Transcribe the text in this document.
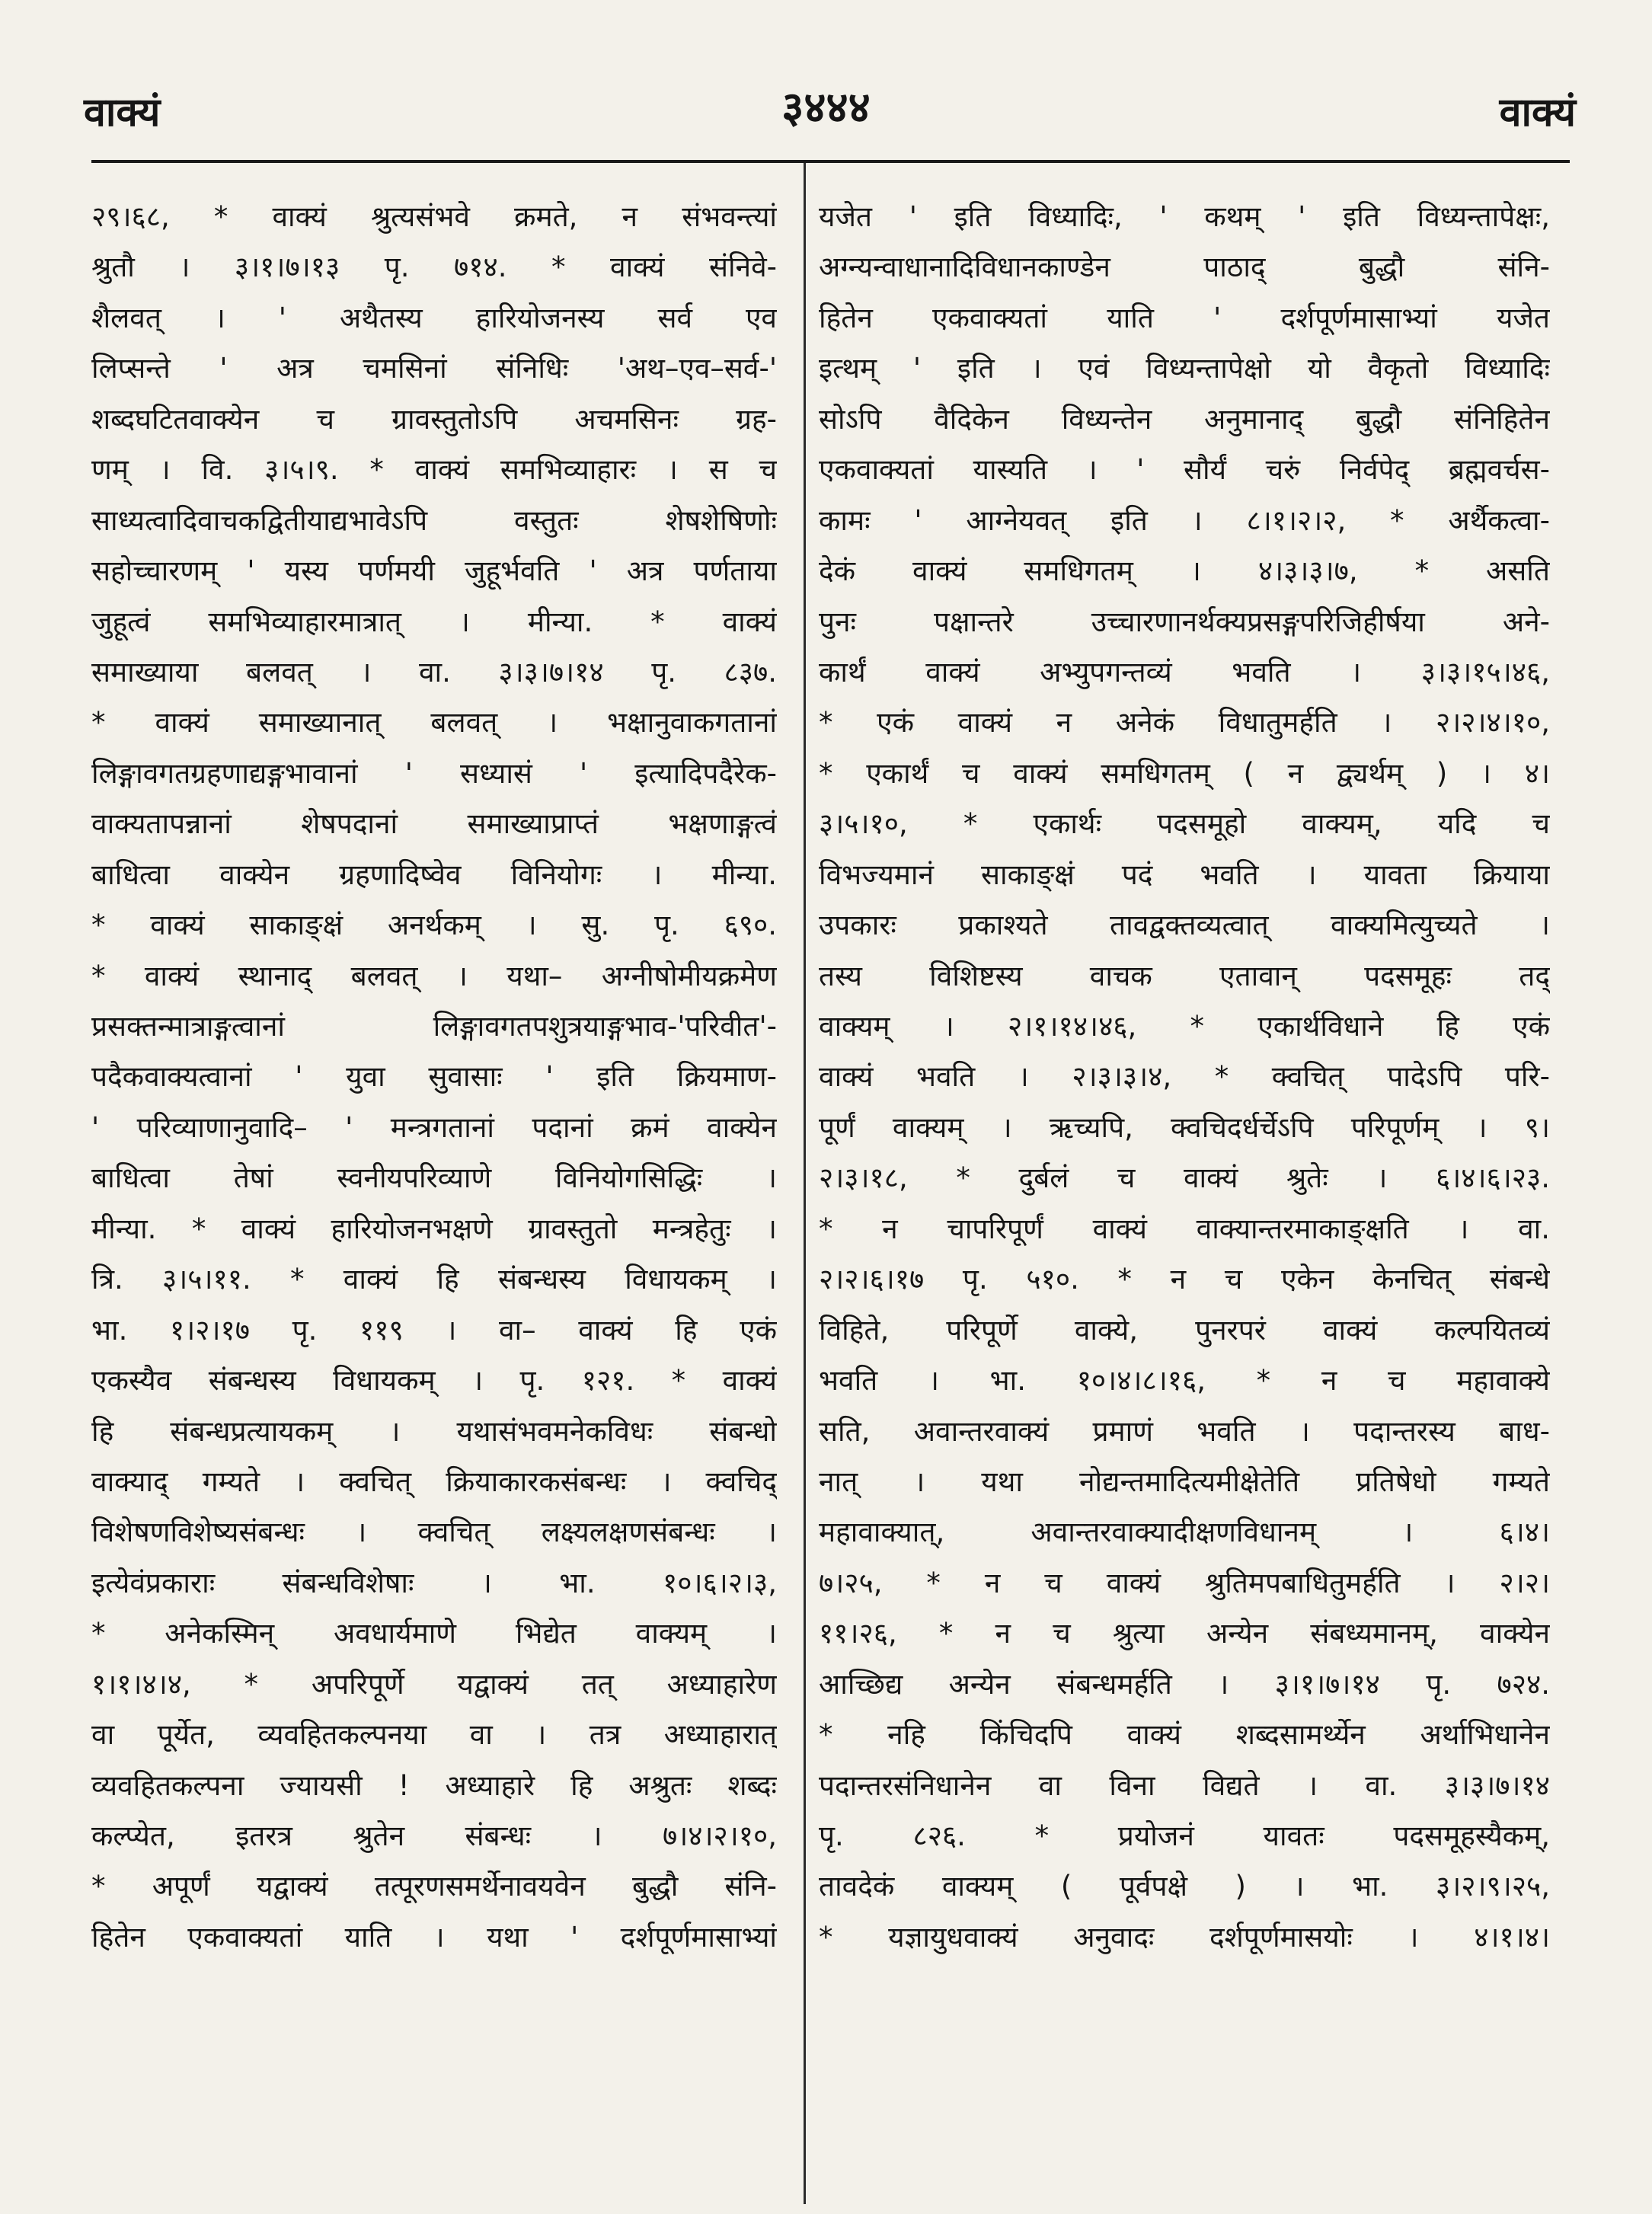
वाक्यं	३४४४	वाक्यं
२९।६८, * वाक्यं श्रुत्यसंभवे क्रमते, न संभवन्त्यां
श्रुतौ । ३।१।७।१३ पृ. ७१४. * वाक्यं संनिवे-
शैलवत् । ' अथैतस्य हारियोजनस्य सर्व एव
लिप्सन्ते ' अत्र चमसिनां संनिधिः 'अथ–एव–सर्व-'
शब्दघटितवाक्येन च ग्रावस्तुतोऽपि अचमसिनः ग्रह-
णम् । वि. ३।५।९. * वाक्यं समभिव्याहारः । स च
साध्यत्वादिवाचकद्वितीयाद्यभावेऽपि वस्तुतः शेषशेषिणोः
सहोच्चारणम् ' यस्य पर्णमयी जुहूर्भवति ' अत्र पर्णताया
जुहूत्वं समभिव्याहारमात्रात् । मीन्या. * वाक्यं
समाख्याया बलवत् । वा. ३।३।७।१४ पृ. ८३७.
* वाक्यं समाख्यानात् बलवत् । भक्षानुवाकगतानां
लिङ्गावगतग्रहणाद्यङ्गभावानां ' सध्यासं ' इत्यादिपदैरेक-
वाक्यतापन्नानां शेषपदानां समाख्याप्राप्तं भक्षणाङ्गत्वं
बाधित्वा वाक्येन ग्रहणादिष्वेव विनियोगः । मीन्या.
* वाक्यं साकाङ्क्षं अनर्थकम् । सु. पृ. ६९०.
* वाक्यं स्थानाद् बलवत् । यथा– अग्नीषोमीयक्रमेण
प्रसक्तन्मात्राङ्गत्वानां लिङ्गावगतपशुत्रयाङ्गभाव-'परिवीत'-
पदैकवाक्यत्वानां ' युवा सुवासाः ' इति क्रियमाण-
' परिव्याणानुवादि– ' मन्त्रगतानां पदानां क्रमं वाक्येन
बाधित्वा तेषां स्वनीयपरिव्याणे विनियोगसिद्धिः ।
मीन्या. * वाक्यं हारियोजनभक्षणे ग्रावस्तुतो मन्त्रहेतुः ।
त्रि. ३।५।११. * वाक्यं हि संबन्धस्य विधायकम् ।
भा. १।२।१७ पृ. ११९ । वा– वाक्यं हि एकं
एकस्यैव संबन्धस्य विधायकम् । पृ. १२१. * वाक्यं
हि संबन्धप्रत्यायकम् । यथासंभवमनेकविधः संबन्धो
वाक्याद् गम्यते । क्वचित् क्रियाकारकसंबन्धः । क्वचिद्
विशेषणविशेष्यसंबन्धः । क्वचित् लक्ष्यलक्षणसंबन्धः ।
इत्येवंप्रकाराः संबन्धविशेषाः । भा. १०।६।२।३,
* अनेकस्मिन् अवधार्यमाणे भिद्येत वाक्यम् ।
१।१।४।४, * अपरिपूर्णे यद्वाक्यं तत् अध्याहारेण
वा पूर्येत, व्यवहितकल्पनया वा । तत्र अध्याहारात्
व्यवहितकल्पना ज्यायसी ! अध्याहारे हि अश्रुतः शब्दः
कल्प्येत, इतरत्र श्रुतेन संबन्धः । ७।४।२।१०,
* अपूर्णं यद्वाक्यं तत्पूरणसमर्थेनावयवेन बुद्धौ संनि-
हितेन एकवाक्यतां याति । यथा ' दर्शपूर्णमासाभ्यां
यजेत ' इति विध्यादिः, ' कथम् ' इति विध्यन्तापेक्षः,
अग्न्यन्वाधानादिविधानकाण्डेन पाठाद् बुद्धौ संनि-
हितेन एकवाक्यतां याति ' दर्शपूर्णमासाभ्यां यजेत
इत्थम् ' इति । एवं विध्यन्तापेक्षो यो वैकृतो विध्यादिः
सोऽपि वैदिकेन विध्यन्तेन अनुमानाद् बुद्धौ संनिहितेन
एकवाक्यतां यास्यति । ' सौर्यं चरुं निर्वपेद् ब्रह्मवर्चस-
कामः ' आग्नेयवत् इति । ८।१।२।२, * अर्थैकत्वा-
देकं वाक्यं समधिगतम् । ४।३।३।७, * असति
पुनः पक्षान्तरे उच्चारणानर्थक्यप्रसङ्गपरिजिहीर्षया अने-
कार्थं वाक्यं अभ्युपगन्तव्यं भवति । ३।३।१५।४६,
* एकं वाक्यं न अनेकं विधातुमर्हति । २।२।४।१०,
* एकार्थं च वाक्यं समधिगतम् ( न द्व्यर्थम् ) । ४।
३।५।१०, * एकार्थः पदसमूहो वाक्यम्, यदि च
विभज्यमानं साकाङ्क्षं पदं भवति । यावता क्रियाया
उपकारः प्रकाश्यते तावद्वक्तव्यत्वात् वाक्यमित्युच्यते ।
तस्य विशिष्टस्य वाचक एतावान् पदसमूहः तद्
वाक्यम् । २।१।१४।४६, * एकार्थविधाने हि एकं
वाक्यं भवति । २।३।३।४, * क्वचित् पादेऽपि परि-
पूर्णं वाक्यम् । ऋच्यपि, क्वचिदर्धर्चेऽपि परिपूर्णम् । ९।
२।३।१८, * दुर्बलं च वाक्यं श्रुतेः । ६।४।६।२३.
* न चापरिपूर्णं वाक्यं वाक्यान्तरमाकाङ्क्षति । वा.
२।२।६।१७ पृ. ५१०. * न च एकेन केनचित् संबन्धे
विहिते, परिपूर्णे वाक्ये, पुनरपरं वाक्यं कल्पयितव्यं
भवति । भा. १०।४।८।१६, * न च महावाक्ये
सति, अवान्तरवाक्यं प्रमाणं भवति । पदान्तरस्य बाध-
नात् । यथा नोद्यन्तमादित्यमीक्षेतेति प्रतिषेधो गम्यते
महावाक्यात्, अवान्तरवाक्यादीक्षणविधानम् । ६।४।
७।२५, * न च वाक्यं श्रुतिमपबाधितुमर्हति । २।२।
११।२६, * न च श्रुत्या अन्येन संबध्यमानम्, वाक्येन
आच्छिद्य अन्येन संबन्धमर्हति । ३।१।७।१४ पृ. ७२४.
* नहि किंचिदपि वाक्यं शब्दसामर्थ्येन अर्थाभिधानेन
पदान्तरसंनिधानेन वा विना विद्यते । वा. ३।३।७।१४
पृ. ८२६. * प्रयोजनं यावतः पदसमूहस्यैकम्,
तावदेकं वाक्यम् ( पूर्वपक्षे ) । भा. ३।२।९।२५,
* यज्ञायुधवाक्यं अनुवादः दर्शपूर्णमासयोः । ४।१।४।
